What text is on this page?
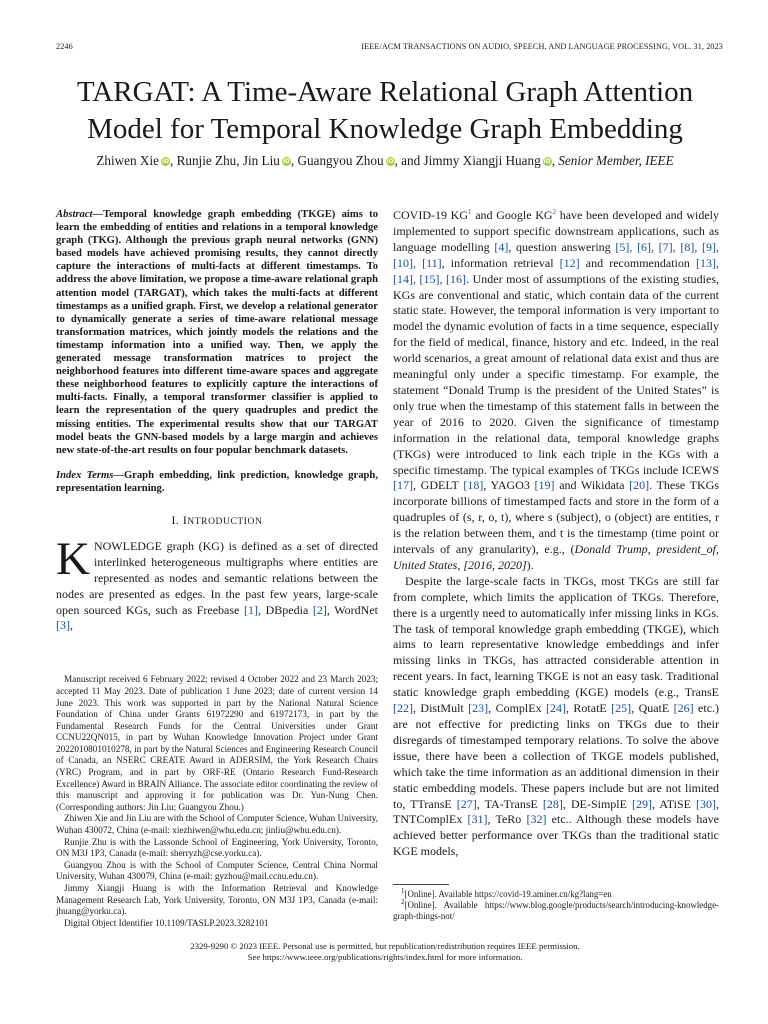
2246	IEEE/ACM TRANSACTIONS ON AUDIO, SPEECH, AND LANGUAGE PROCESSING, VOL. 31, 2023
TARGAT: A Time-Aware Relational Graph Attention Model for Temporal Knowledge Graph Embedding
Zhiwen Xie iD, Runjie Zhu, Jin Liu iD, Guangyou Zhou iD, and Jimmy Xiangji Huang iD, Senior Member, IEEE
Abstract—Temporal knowledge graph embedding (TKGE) aims to learn the embedding of entities and relations in a temporal knowledge graph (TKG). Although the previous graph neural networks (GNN) based models have achieved promising results, they cannot directly capture the interactions of multi-facts at different timestamps. To address the above limitation, we propose a time-aware relational graph attention model (TARGAT), which takes the multi-facts at different timestamps as a unified graph. First, we develop a relational generator to dynamically generate a series of time-aware relational message transformation matrices, which jointly models the relations and the timestamp information into a unified way. Then, we apply the generated message transformation matrices to project the neighborhood features into different time-aware spaces and aggregate these neighborhood features to explicitly capture the interactions of multi-facts. Finally, a temporal transformer classifier is applied to learn the representation of the query quadruples and predict the missing entities. The experimental results show that our TARGAT model beats the GNN-based models by a large margin and achieves new state-of-the-art results on four popular benchmark datasets.
Index Terms—Graph embedding, link prediction, knowledge graph, representation learning.
I. INTRODUCTION

KNOWLEDGE graph (KG) is defined as a set of directed interlinked heterogeneous multigraphs where entities are represented as nodes and semantic relations between the nodes are presented as edges. In the past few years, large-scale open sourced KGs, such as Freebase [1], DBpedia [2], WordNet [3],

Manuscript received 6 February 2022; revised 4 October 2022 and 23 March 2023; accepted 11 May 2023. Date of publication 1 June 2023; date of current version 14 June 2023. This work was supported in part by the National Natural Science Foundation of China under Grants 61972290 and 61972173, in part by the Fundamental Research Funds for the Central Universities under Grant CCNU22QN015, in part by Wuhan Knowledge Innovation Project under Grant 2022010801010278, in part by the Natural Sciences and Engineering Research Council of Canada, an NSERC CREATE Award in ADERSIM, the York Research Chairs (YRC) Program, and in part by ORF-RE (Ontario Research Fund-Research Excellence) Award in BRAIN Alliance. The associate editor coordinating the review of this manuscript and approving it for publication was Dr. Yun-Nung Chen. (Corresponding authors: Jin Liu; Guangyou Zhou.)

Zhiwen Xie and Jin Liu are with the School of Computer Science, Wuhan University, Wuhan 430072, China (e-mail: xiezhiwen@whu.edu.cn; jinliu@whu.edu.cn).

Runjie Zhu is with the Lassonde School of Engineering, York University, Toronto, ON M3J 1P3, Canada (e-mail: sherryzh@cse.yorku.ca).

Guangyou Zhou is with the School of Computer Science, Central China Normal University, Wuhan 430079, China (e-mail: gyzhou@mail.ccnu.edu.cn).

Jimmy Xiangji Huang is with the Information Retrieval and Knowledge Management Research Lab, York University, Toronto, ON M3J 1P3, Canada (e-mail: jhuang@yorku.ca).

Digital Object Identifier 10.1109/TASLP.2023.3282101

COVID-19 $KG^1$ and Google $KG^2$ have been developed and widely implemented to support specific downstream applications, such as language modelling [4], question answering [5], [6], [7], [8], [9], [10], [11], information retrieval [12] and recommendation [13], [14], [15], [16]. Under most of assumptions of the existing studies, KGs are conventional and static, which contain data of the current static state. However, the temporal information is very important to model the dynamic evolution of facts in a time sequence, especially for the field of medical, finance, history and etc. Indeed, in the real world scenarios, a great amount of relational data exist and thus are meaningful only under a specific timestamp. For example, the statement “Donald Trump is the president of the United States” is only true when the timestamp of this statement falls in between the year of 2016 to 2020. Given the significance of timestamp information in the relational data, temporal knowledge graphs (TKGs) were introduced to link each triple in the KGs with a specific timestamp. The typical examples of TKGs include ICEWS [17], GDELT [18], YAGO3 [19] and Wikidata [20]. These TKGs incorporate billions of timestamped facts and store in the form of a quadruples of (s, r, o, t), where s (subject), o (object) are entities, r is the relation between them, and t is the timestamp (time point or intervals of any granularity), e.g., (Donald Trump, president_of, United States, [2016, 2020]).

Despite the large-scale facts in TKGs, most TKGs are still far from complete, which limits the application of TKGs. Therefore, there is a urgently need to automatically infer missing links in KGs. The task of temporal knowledge graph embedding (TKGE), which aims to learn representative knowledge embeddings and infer missing links in TKGs, has attracted considerable attention in recent years. In fact, learning TKGE is not an easy task. Traditional static knowledge graph embedding (KGE) models (e.g., TransE [22], DistMult [23], ComplEx [24], RotatE [25], QuatE [26] etc.) are not effective for predicting links on TKGs due to their disregards of timestamped temporary relations. To solve the above issue, there have been a collection of TKGE models published, which take the time information as an additional dimension in their static embedding models. These papers include but are not limited to, TTransE [27], TA-TransE [28], DE-SimplE [29], ATiSE [30], TNTComplEx [31], TeRo [32] etc.. Although these models have achieved better performance over TKGs than the traditional static KGE models,

$^1$[Online]. Available https://covid-19.aminer.cn/kg?lang=en

$^2$[Online]. Available https://www.blog.google/products/search/introducing-knowledge-graph-things-not/

2329-9290 © 2023 IEEE. Personal use is permitted, but republication/redistribution requires IEEE permission.
See https://www.ieee.org/publications/rights/index.html for more information.
